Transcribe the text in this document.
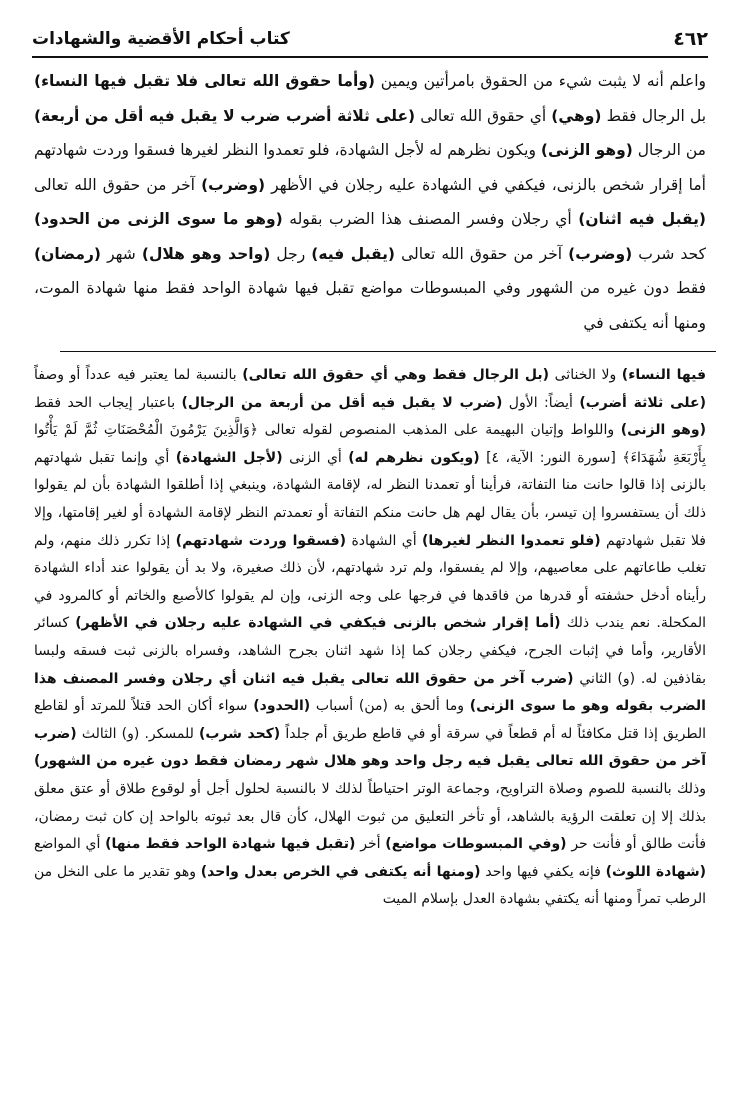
٤٦٢
كتاب أحكام الأقضية والشهادات

واعلم أنه لا يثبت شيء من الحقوق بامرأتين ويمين (وأما حقوق الله تعالى فلا تقبل فيها النساء) بل الرجال فقط (وهي) أي حقوق الله تعالى (على ثلاثة أضرب ضرب لا يقبل فيه أقل من أربعة) من الرجال (وهو الزنى) ويكون نظرهم له لأجل الشهادة، فلو تعمدوا النظر لغيرها فسقوا وردت شهادتهم أما إقرار شخص بالزنى، فيكفي في الشهادة عليه رجلان في الأظهر (وضرب) آخر من حقوق الله تعالى (يقبل فيه اثنان) أي رجلان وفسر المصنف هذا الضرب بقوله (وهو ما سوى الزنى من الحدود) كحد شرب (وضرب) آخر من حقوق الله تعالى (يقبل فيه) رجل (واحد وهو هلال) شهر (رمضان) فقط دون غيره من الشهور وفي المبسوطات مواضع تقبل فيها شهادة الواحد فقط منها شهادة الموت، ومنها أنه يكتفى في

فيها النساء) ولا الخناثى (بل الرجال فقط وهي أي حقوق الله تعالى) بالنسبة لما يعتبر فيه عدداً أو وصفاً (على ثلاثة أضرب) أيضاً: الأول (ضرب لا يقبل فيه أقل من أربعة من الرجال) باعتبار إيجاب الحد فقط (وهو الزنى) واللواط وإتيان البهيمة على المذهب المنصوص لقوله تعالى ﴿وَالَّذِينَ يَرْمُونَ الْمُحْصَنَاتِ ثُمَّ لَمْ يَأْتُوا بِأَرْبَعَةِ شُهَدَاءَ﴾ [سورة النور: الآية، ٤] (ويكون نظرهم له) أي الزنى (لأجل الشهادة) أي وإنما تقبل شهادتهم بالزنى إذا قالوا حانت منا التفاتة، فرأينا أو تعمدنا النظر له، لإقامة الشهادة، وينبغي إذا أطلقوا الشهادة بأن لم يقولوا ذلك أن يستفسروا إن تيسر، بأن يقال لهم هل حانت منكم التفاتة أو تعمدتم النظر لإقامة الشهادة أو لغير إقامتها، وإلا فلا تقبل شهادتهم (فلو تعمدوا النظر لغيرها) أي الشهادة (فسقوا وردت شهادتهم) إذا تكرر ذلك منهم، ولم تغلب طاعاتهم على معاصيهم، وإلا لم يفسقوا، ولم ترد شهادتهم، لأن ذلك صغيرة، ولا بد أن يقولوا عند أداء الشهادة رأيناه أدخل حشفته أو قدرها من فاقدها في فرجها على وجه الزنى، وإن لم يقولوا كالأصبع والخاتم أو كالمرود في المكحلة. نعم يندب ذلك (أما إقرار شخص بالزنى فيكفي في الشهادة عليه رجلان في الأظهر) كسائر الأقارير، وأما في إثبات الجرح، فيكفي رجلان كما إذا شهد اثنان بجرح الشاهد، وفسراه بالزنى ثبت فسقه ولبسا بقاذفين له. (و) الثاني (ضرب آخر من حقوق الله تعالى يقبل فيه اثنان أي رجلان وفسر المصنف هذا الضرب بقوله وهو ما سوى الزنى) وما ألحق به (من) أسباب (الحدود) سواء أكان الحد قتلاً للمرتد أو لقاطع الطريق إذا قتل مكافئاً له أم قطعاً في سرقة أو في قاطع طريق أم جلداً (كحد شرب) للمسكر. (و) الثالث (ضرب آخر من حقوق الله تعالى يقبل فيه رجل واحد وهو هلال شهر رمضان فقط دون غيره من الشهور) وذلك بالنسبة للصوم وصلاة التراويح، وجماعة الوتر احتياطاً لذلك لا بالنسبة لحلول أجل أو لوقوع طلاق أو عتق معلق بذلك إلا إن تعلقت الرؤية بالشاهد، أو تأخر التعليق من ثبوت الهلال، كأن قال بعد ثبوته بالواحد إن كان ثبت رمضان، فأنت طالق أو فأنت حر (وفي المبسوطات مواضع) أخر (تقبل فيها شهادة الواحد فقط منها) أي المواضع (شهادة اللوث) فإنه يكفي فيها واحد (ومنها أنه يكتفى في الخرص بعدل واحد) وهو تقدير ما على النخل من الرطب تمراً ومنها أنه يكتفي بشهادة العدل بإسلام الميت
